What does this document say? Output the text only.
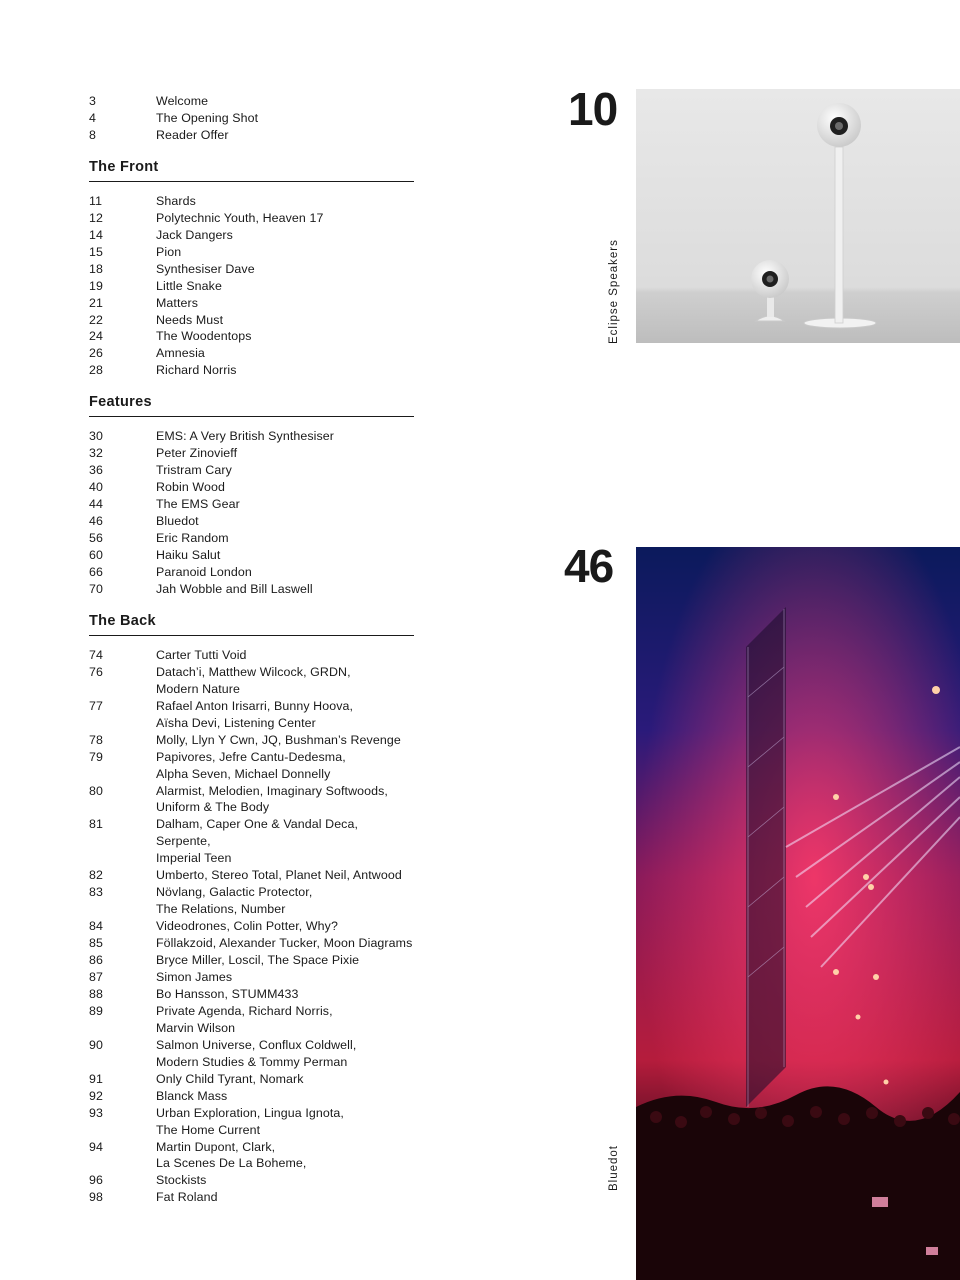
3	Welcome
4	The Opening Shot
8	Reader Offer
The Front
11	Shards
12	Polytechnic Youth, Heaven 17
14	Jack Dangers
15	Pion
18	Synthesiser Dave
19	Little Snake
21	Matters
22	Needs Must
24	The Woodentops
26	Amnesia
28	Richard Norris
Features
30	EMS: A Very British Synthesiser
32	Peter Zinovieff
36	Tristram Cary
40	Robin Wood
44	The EMS Gear
46	Bluedot
56	Eric Random
60	Haiku Salut
66	Paranoid London
70	Jah Wobble and Bill Laswell
The Back
74	Carter Tutti Void
76	Datach’i, Matthew Wilcock, GRDN,
Modern Nature
77	Rafael Anton Irisarri, Bunny Hoova,
Aïsha Devi, Listening Center
78	Molly, Llyn Y Cwn, JQ, Bushman’s Revenge
79	Papivores, Jefre Cantu-Dedesma,
Alpha Seven, Michael Donnelly
80	Alarmist, Melodien, Imaginary Softwoods,
Uniform & The Body
81	Dalham, Caper One & Vandal Deca, Serpente,
Imperial Teen
82	Umberto, Stereo Total, Planet Neil, Antwood
83	Növlang, Galactic Protector,
The Relations, Number
84	Videodrones, Colin Potter, Why?
85	Föllakzoid, Alexander Tucker, Moon Diagrams
86	Bryce Miller, Loscil, The Space Pixie
87	Simon James
88	Bo Hansson, STUMM433
89	Private Agenda, Richard Norris,
Marvin Wilson
90	Salmon Universe, Conflux Coldwell,
Modern Studies & Tommy Perman
91	Only Child Tyrant, Nomark
92	Blanck Mass
93	Urban Exploration, Lingua Ignota,
The Home Current
94	Martin Dupont, Clark,
La Scenes De La Boheme,
96	Stockists
98	Fat Roland
10
Eclipse Speakers
46
Bluedot
